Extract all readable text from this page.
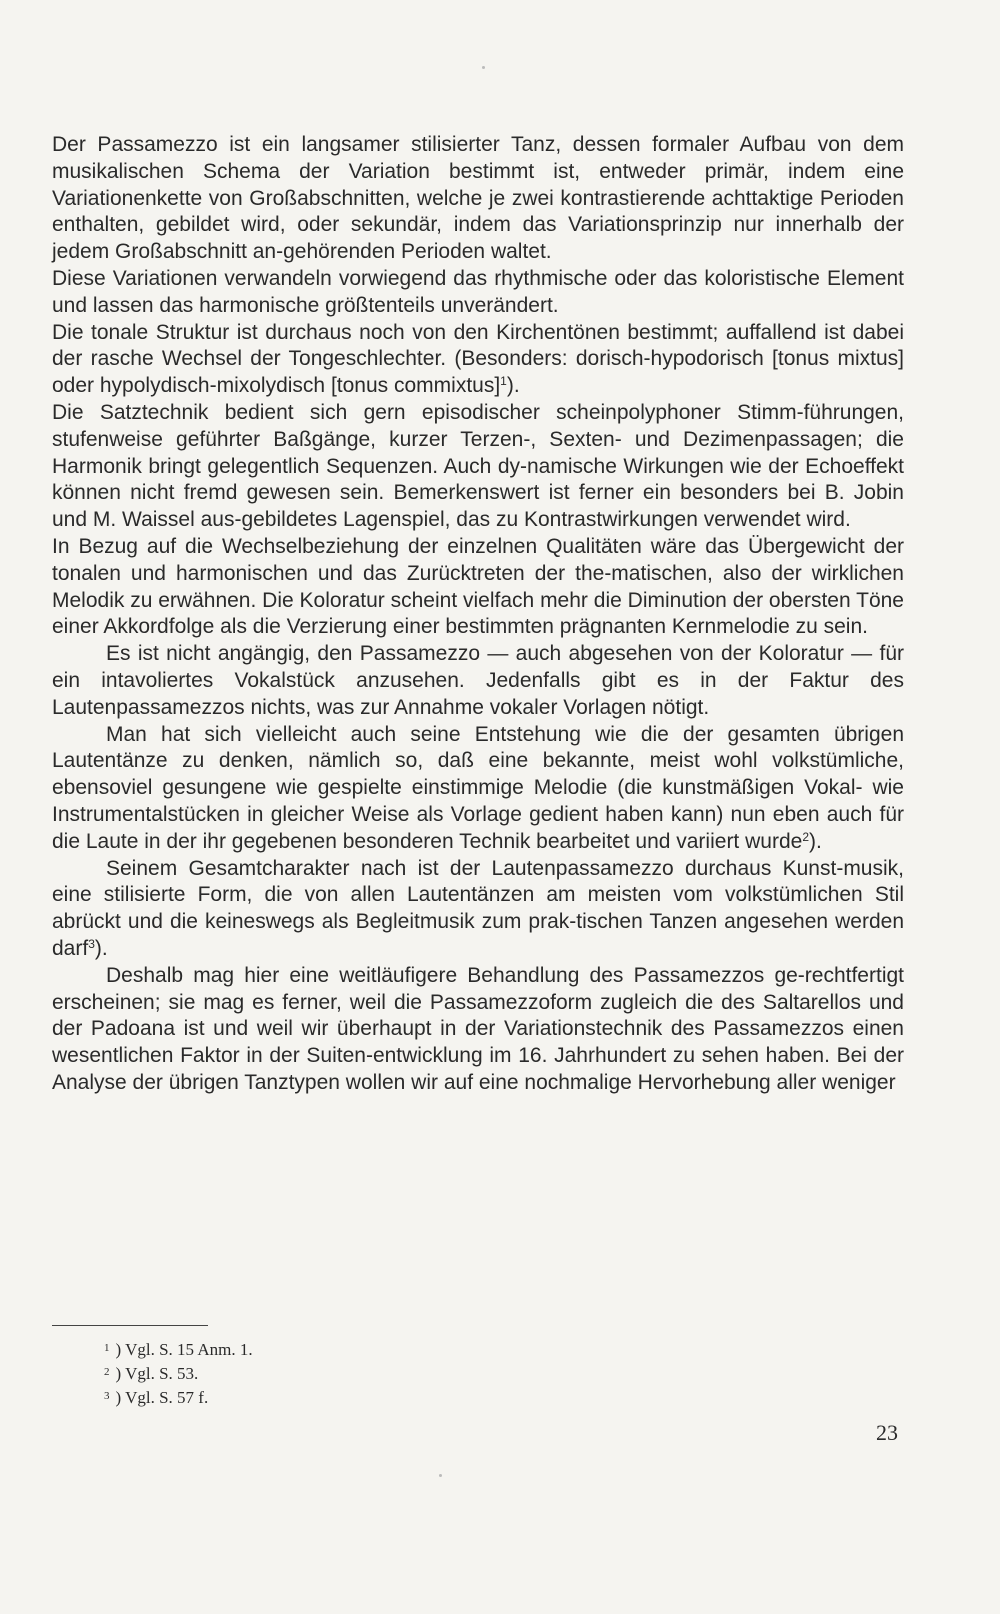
Der Passamezzo ist ein langsamer stilisierter Tanz, dessen formaler Aufbau von dem musikalischen Schema der Variation bestimmt ist, entweder primär, indem eine Variationenkette von Großabschnitten, welche je zwei kontrastierende achttaktige Perioden enthalten, gebildet wird, oder sekundär, indem das Variationsprinzip nur innerhalb der jedem Großabschnitt an-gehörenden Perioden waltet.

Diese Variationen verwandeln vorwiegend das rhythmische oder das koloristische Element und lassen das harmonische größtenteils unverändert.

Die tonale Struktur ist durchaus noch von den Kirchentönen bestimmt; auffallend ist dabei der rasche Wechsel der Tongeschlechter. (Besonders: dorisch-hypodorisch [tonus mixtus] oder hypolydisch-mixolydisch [tonus commixtus]$^1$).

Die Satztechnik bedient sich gern episodischer scheinpolyphoner Stimm-führungen, stufenweise geführter Baßgänge, kurzer Terzen-, Sexten- und Dezimenpassagen; die Harmonik bringt gelegentlich Sequenzen. Auch dy-namische Wirkungen wie der Echoeffekt können nicht fremd gewesen sein. Bemerkenswert ist ferner ein besonders bei B. Jobin und M. Waissel aus-gebildetes Lagenspiel, das zu Kontrastwirkungen verwendet wird.

In Bezug auf die Wechselbeziehung der einzelnen Qualitäten wäre das Übergewicht der tonalen und harmonischen und das Zurücktreten der the-matischen, also der wirklichen Melodik zu erwähnen. Die Koloratur scheint vielfach mehr die Diminution der obersten Töne einer Akkordfolge als die Verzierung einer bestimmten prägnanten Kernmelodie zu sein.

Es ist nicht angängig, den Passamezzo — auch abgesehen von der Koloratur — für ein intavoliertes Vokalstück anzusehen. Jedenfalls gibt es in der Faktur des Lautenpassamezzos nichts, was zur Annahme vokaler Vorlagen nötigt.

Man hat sich vielleicht auch seine Entstehung wie die der gesamten übrigen Lautentänze zu denken, nämlich so, daß eine bekannte, meist wohl volkstümliche, ebensoviel gesungene wie gespielte einstimmige Melodie (die kunstmäßigen Vokal- wie Instrumentalstücken in gleicher Weise als Vorlage gedient haben kann) nun eben auch für die Laute in der ihr gegebenen besonderen Technik bearbeitet und variiert wurde$^2$).

Seinem Gesamtcharakter nach ist der Lautenpassamezzo durchaus Kunst-musik, eine stilisierte Form, die von allen Lautentänzen am meisten vom volkstümlichen Stil abrückt und die keineswegs als Begleitmusik zum prak-tischen Tanzen angesehen werden darf$^3$).

Deshalb mag hier eine weitläufigere Behandlung des Passamezzos ge-rechtfertigt erscheinen; sie mag es ferner, weil die Passamezzoform zugleich die des Saltarellos und der Padoana ist und weil wir überhaupt in der Variationstechnik des Passamezzos einen wesentlichen Faktor in der Suiten-entwicklung im 16. Jahrhundert zu sehen haben. Bei der Analyse der übrigen Tanztypen wollen wir auf eine nochmalige Hervorhebung aller weniger

$^1$ ) Vgl. S. 15 Anm. 1.
$^2$ ) Vgl. S. 53.
$^3$ ) Vgl. S. 57 f.
23
